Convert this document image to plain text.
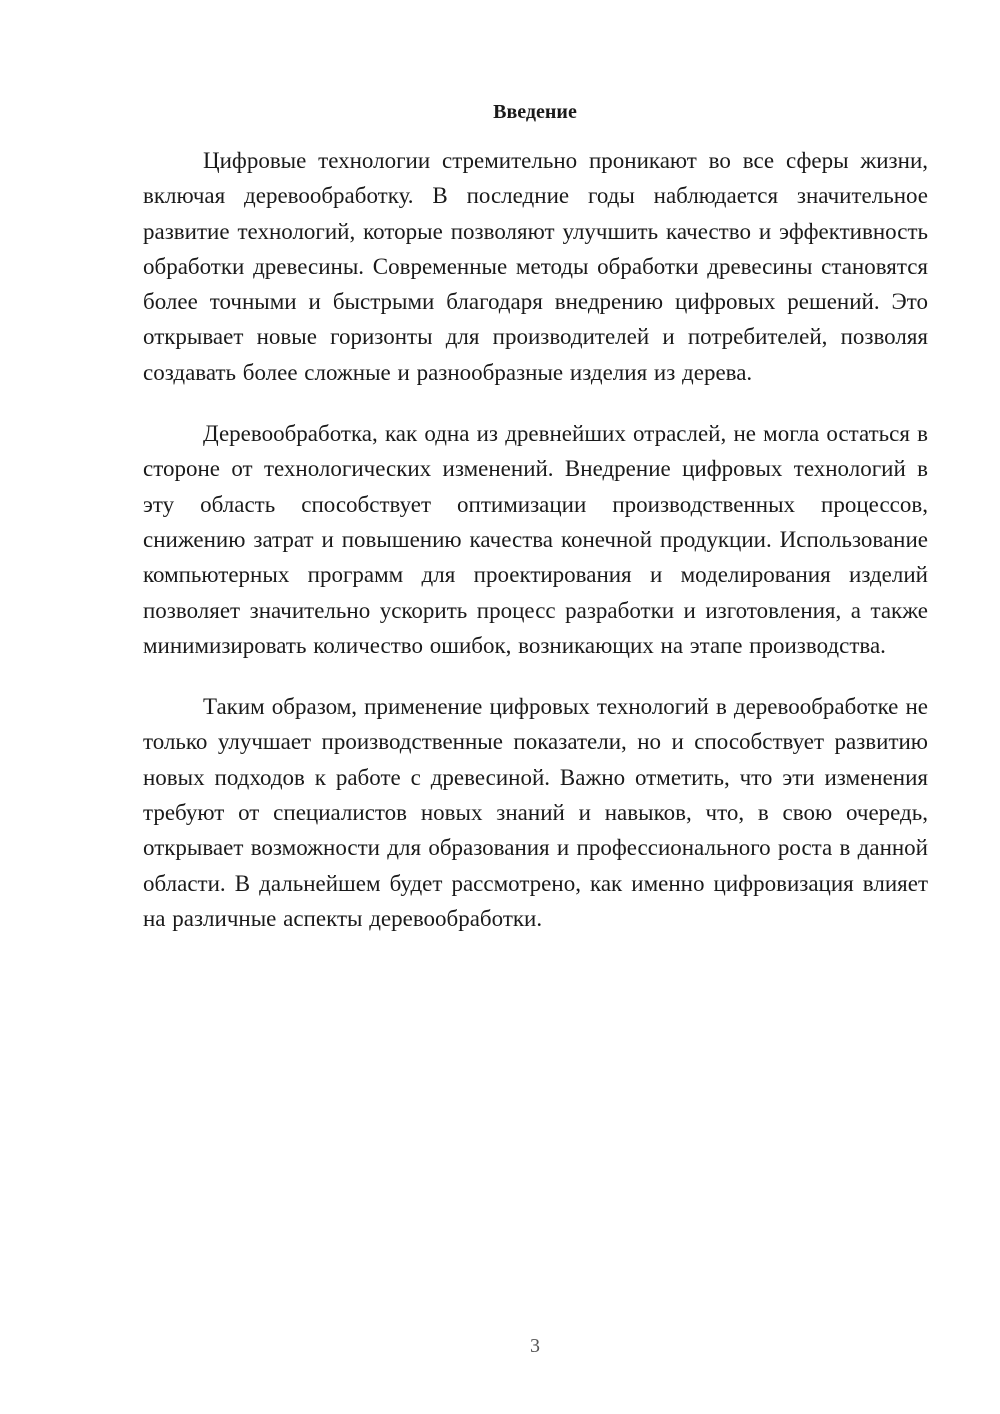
Введение

Цифровые технологии стремительно проникают во все сферы жизни, включая деревообработку. В последние годы наблюдается значительное развитие технологий, которые позволяют улучшить качество и эффективность обработки древесины. Современные методы обработки древесины становятся более точными и быстрыми благодаря внедрению цифровых решений. Это открывает новые горизонты для производителей и потребителей, позволяя создавать более сложные и разнообразные изделия из дерева.

Деревообработка, как одна из древнейших отраслей, не могла остаться в стороне от технологических изменений. Внедрение цифровых технологий в эту область способствует оптимизации производственных процессов, снижению затрат и повышению качества конечной продукции. Использование компьютерных программ для проектирования и моделирования изделий позволяет значительно ускорить процесс разработки и изготовления, а также минимизировать количество ошибок, возникающих на этапе производства.

Таким образом, применение цифровых технологий в деревообработке не только улучшает производственные показатели, но и способствует развитию новых подходов к работе с древесиной. Важно отметить, что эти изменения требуют от специалистов новых знаний и навыков, что, в свою очередь, открывает возможности для образования и профессионального роста в данной области. В дальнейшем будет рассмотрено, как именно цифровизация влияет на различные аспекты деревообработки.

3
